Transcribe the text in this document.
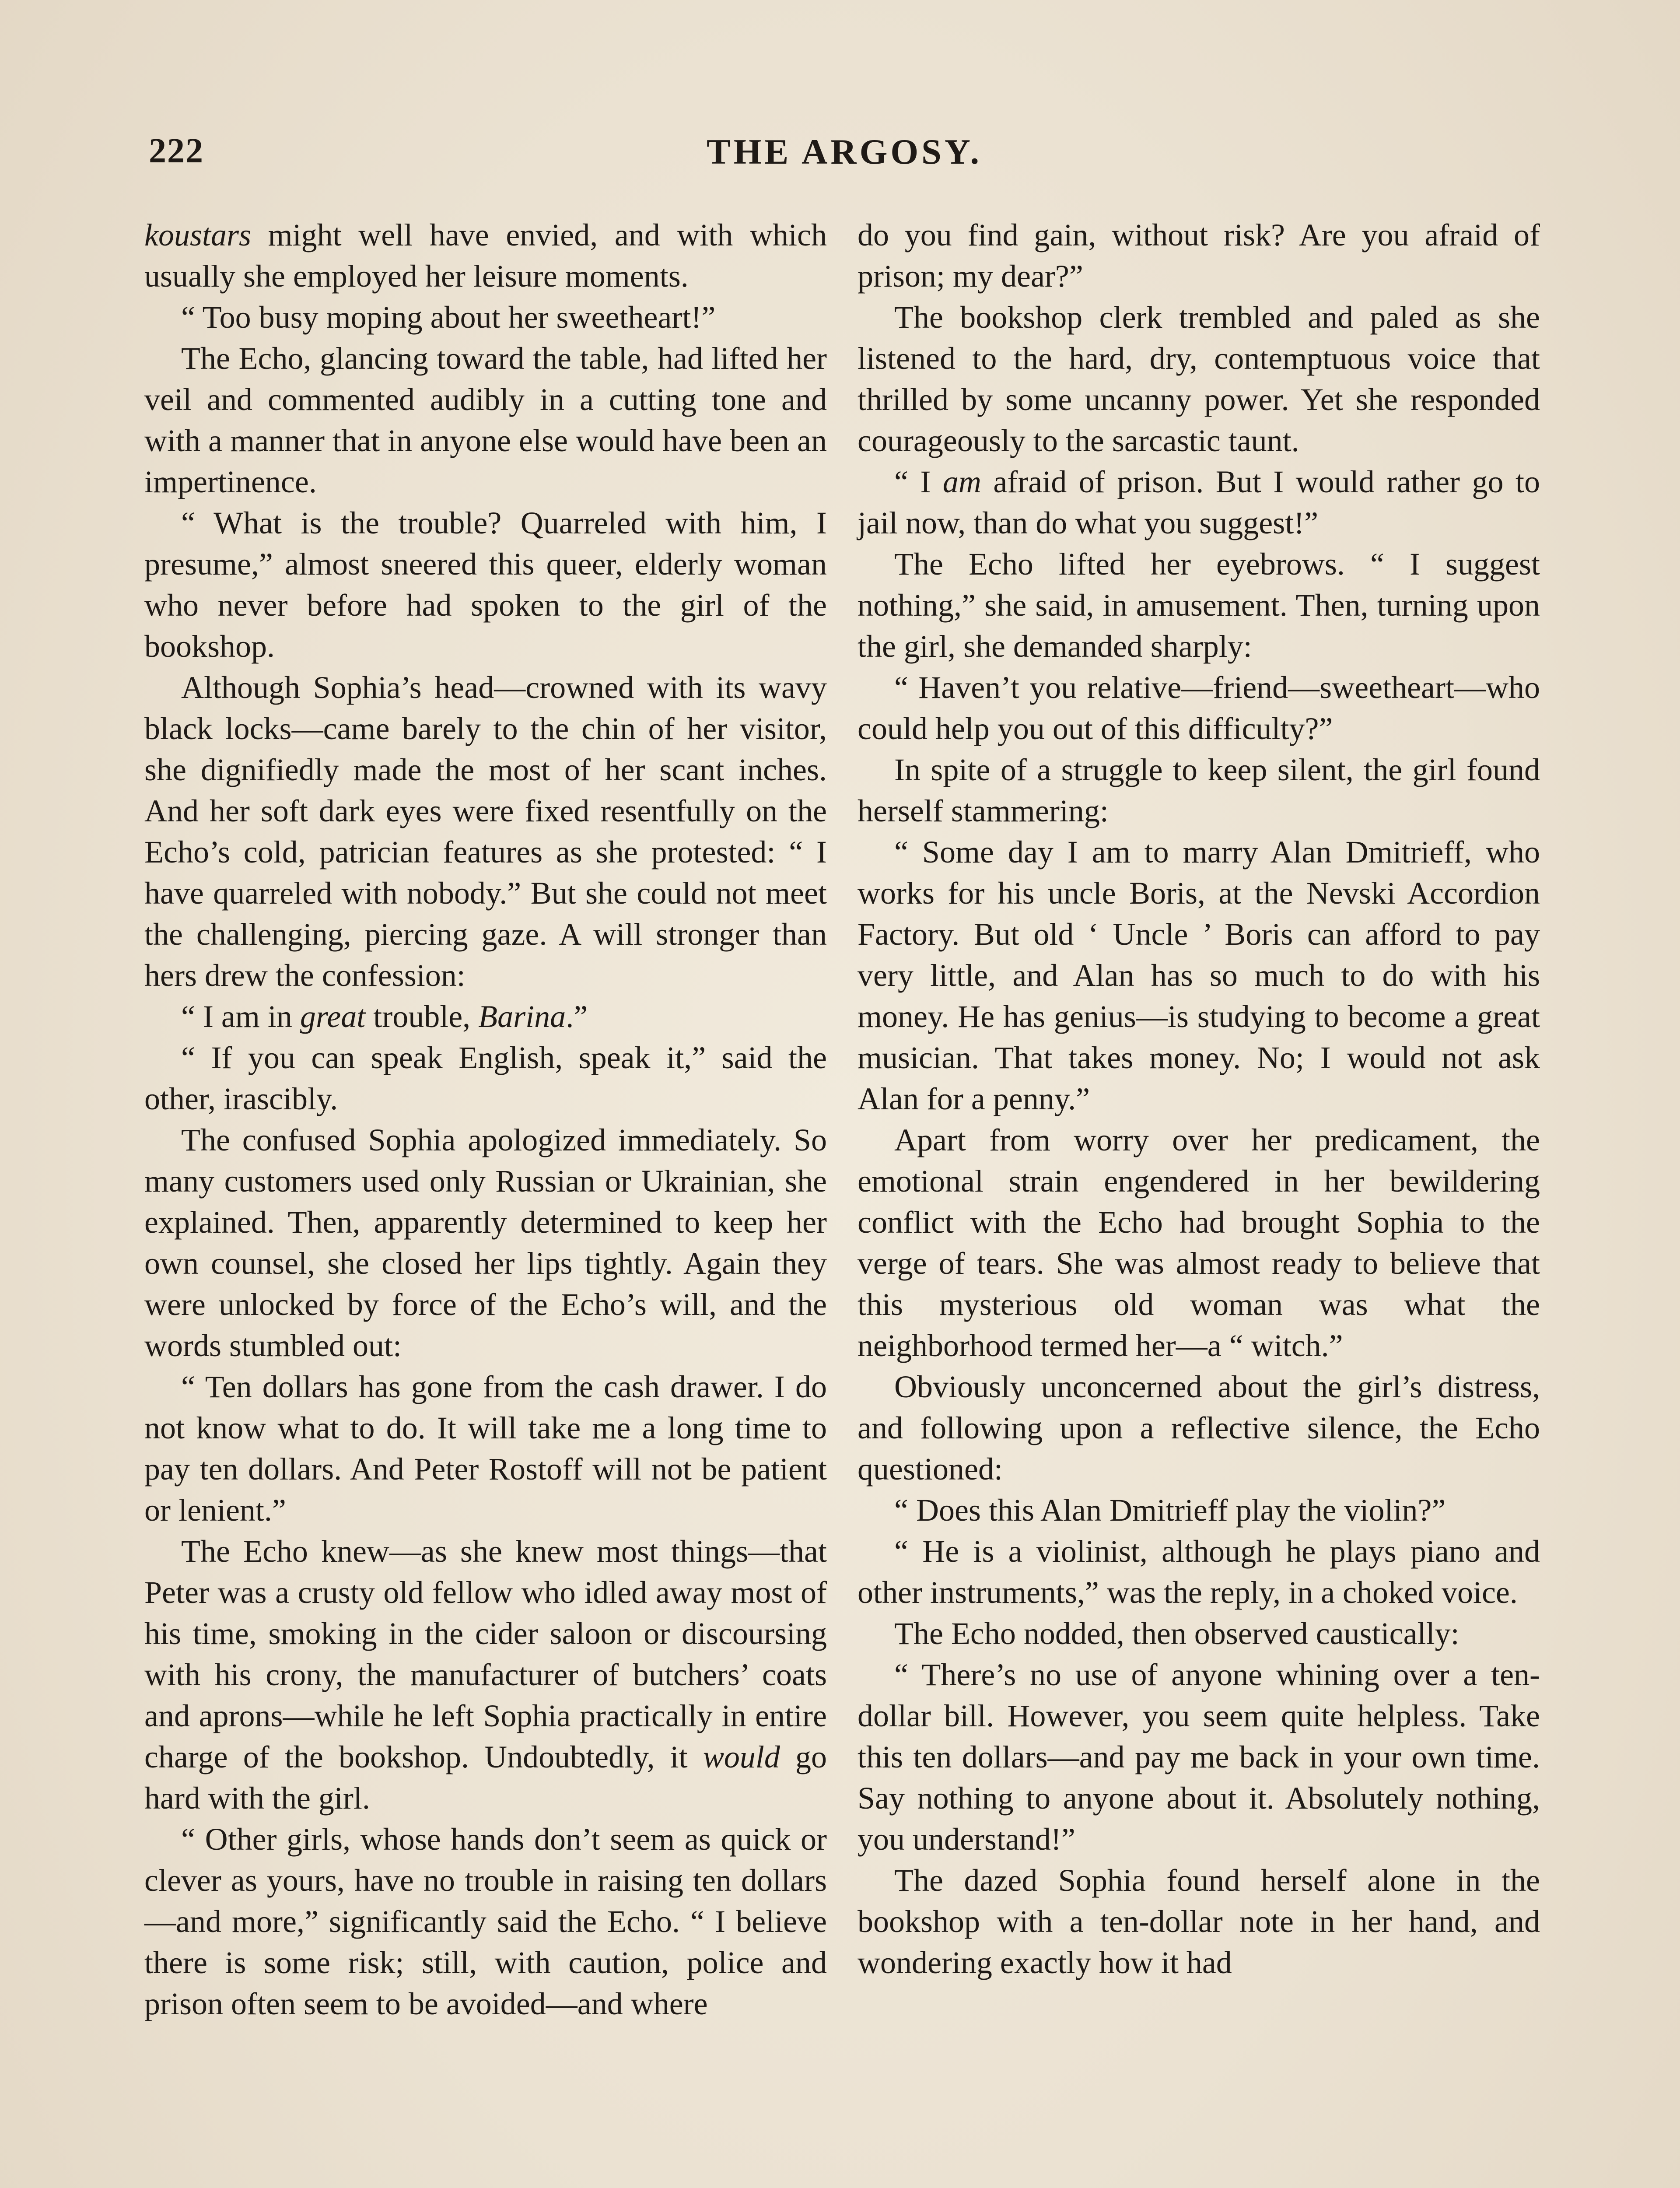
222	THE ARGOSY.

koustars might well have envied, and with which usually she employed her leisure moments.

“ Too busy moping about her sweetheart!”

The Echo, glancing toward the table, had lifted her veil and commented audibly in a cutting tone and with a manner that in anyone else would have been an impertinence.

“ What is the trouble? Quarreled with him, I presume,” almost sneered this queer, elderly woman who never before had spoken to the girl of the bookshop.

Although Sophia’s head—crowned with its wavy black locks—came barely to the chin of her visitor, she dignifiedly made the most of her scant inches. And her soft dark eyes were fixed resentfully on the Echo’s cold, patrician features as she protested: “ I have quarreled with nobody.” But she could not meet the challenging, piercing gaze. A will stronger than hers drew the confession:

“ I am in great trouble, Barina.”

“ If you can speak English, speak it,” said the other, irascibly.

The confused Sophia apologized immediately. So many customers used only Russian or Ukrainian, she explained. Then, apparently determined to keep her own counsel, she closed her lips tightly. Again they were unlocked by force of the Echo’s will, and the words stumbled out:

“ Ten dollars has gone from the cash drawer. I do not know what to do. It will take me a long time to pay ten dollars. And Peter Rostoff will not be patient or lenient.”

The Echo knew—as she knew most things—that Peter was a crusty old fellow who idled away most of his time, smoking in the cider saloon or discoursing with his crony, the manufacturer of butchers’ coats and aprons—while he left Sophia practically in entire charge of the bookshop. Undoubtedly, it would go hard with the girl.

“ Other girls, whose hands don’t seem as quick or clever as yours, have no trouble in raising ten dollars—and more,” significantly said the Echo. “ I believe there is some risk; still, with caution, police and prison often seem to be avoided—and where

do you find gain, without risk? Are you afraid of prison; my dear?”

The bookshop clerk trembled and paled as she listened to the hard, dry, contemptuous voice that thrilled by some uncanny power. Yet she responded courageously to the sarcastic taunt.

“ I am afraid of prison. But I would rather go to jail now, than do what you suggest!”

The Echo lifted her eyebrows. “ I suggest nothing,” she said, in amusement. Then, turning upon the girl, she demanded sharply:

“ Haven’t you relative—friend—sweetheart—who could help you out of this difficulty?”

In spite of a struggle to keep silent, the girl found herself stammering:

“ Some day I am to marry Alan Dmitrieff, who works for his uncle Boris, at the Nevski Accordion Factory. But old ‘ Uncle ’ Boris can afford to pay very little, and Alan has so much to do with his money. He has genius—is studying to become a great musician. That takes money. No; I would not ask Alan for a penny.”

Apart from worry over her predicament, the emotional strain engendered in her bewildering conflict with the Echo had brought Sophia to the verge of tears. She was almost ready to believe that this mysterious old woman was what the neighborhood termed her—a “ witch.”

Obviously unconcerned about the girl’s distress, and following upon a reflective silence, the Echo questioned:

“ Does this Alan Dmitrieff play the violin?”

“ He is a violinist, although he plays piano and other instruments,” was the reply, in a choked voice.

The Echo nodded, then observed caustically:

“ There’s no use of anyone whining over a ten-dollar bill. However, you seem quite helpless. Take this ten dollars—and pay me back in your own time. Say nothing to anyone about it. Absolutely nothing, you understand!”

The dazed Sophia found herself alone in the bookshop with a ten-dollar note in her hand, and wondering exactly how it had
